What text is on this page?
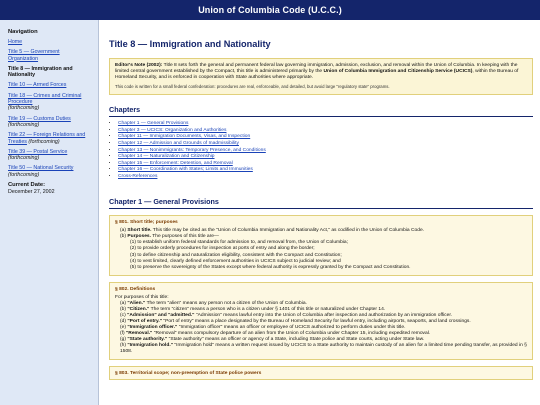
Union of Columbia Code (U.C.C.)
Navigation
Home
Title 5 — Government Organization
Title 8 — Immigration and Nationality
Title 10 — Armed Forces
Title 18 — Crimes and Criminal Procedure
(forthcoming)
Title 19 — Customs Duties
(forthcoming)
Title 22 — Foreign Relations and Treaties (forthcoming)
Title 39 — Postal Service
(forthcoming)
Title 50 — National Security
(forthcoming)
Current Date:
December 27, 2002
Title 8 — Immigration and Nationality
Editor's Note (2002): Title 8 sets forth the general and permanent federal law governing immigration, admission, exclusion, and removal within the Union of Columbia. In keeping with the limited central government established by the Compact, this title is administered primarily by the Union of Columbia Immigration and Citizenship Service (UCICS), within the Bureau of Homeland Security, and is enforced in cooperation with State authorities where appropriate.
This code is written for a small federal confederation: procedures are real, enforceable, and detailed, but avoid large "regulatory state" programs.
Chapters
• Chapter 1 — General Provisions
• Chapter 3 — UCICS: Organization and Authorities
• Chapter 11 — Immigration Documents, Visas, and Inspection
• Chapter 12 — Admission and Grounds of Inadmissibility
• Chapter 13 — Nonimmigrants: Temporary Presence, and Conditions
• Chapter 14 — Naturalization and Citizenship
• Chapter 15 — Enforcement: Detention, and Removal
• Chapter 16 — Coordination with States; Limits and Immunities
• Cross-References
Chapter 1 — General Provisions
§ 801. Short title; purposes
(a) Short title. This title may be cited as the "Union of Columbia Immigration and Nationality Act," as codified in the Union of Columbia Code.
(b) Purposes. The purposes of this title are—
(1) to establish uniform federal standards for admission to, and removal from, the Union of Columbia;
(2) to provide orderly procedures for inspection at ports of entry and along the border;
(3) to define citizenship and naturalization eligibility, consistent with the Compact and Constitution;
(4) to vest limited, clearly defined enforcement authorities in UCICS subject to judicial review; and
(5) to preserve the sovereignty of the States except where federal authority is expressly granted by the Compact and Constitution.
§ 802. Definitions
For purposes of this title:
(a) "Alien." The term "alien" means any person not a citizen of the Union of Columbia.
(b) "Citizen." The term "citizen" means a person who is a citizen under § 1401 of this title or naturalized under Chapter 14.
(c) "Admission" and "admitted." "Admission" means lawful entry into the Union of Columbia after inspection and authorization by an immigration officer.
(d) "Port of entry." "Port of entry" means a place designated by the Bureau of Homeland Security for lawful entry, including airports, seaports, and land crossings.
(e) "Immigration officer." "Immigration officer" means an officer or employee of UCICS authorized to perform duties under this title.
(f) "Removal." "Removal" means compulsory departure of an alien from the Union of Columbia under Chapter 15, including expedited removal.
(g) "State authority." "State authority" means an officer or agency of a State, including State police and State courts, acting under State law.
(h) "Immigration hold." "Immigration hold" means a written request issued by UCICS to a State authority to maintain custody of an alien for a limited time pending transfer, as provided in § 1508.
§ 803. Territorial scope; non-preemption of State police powers
